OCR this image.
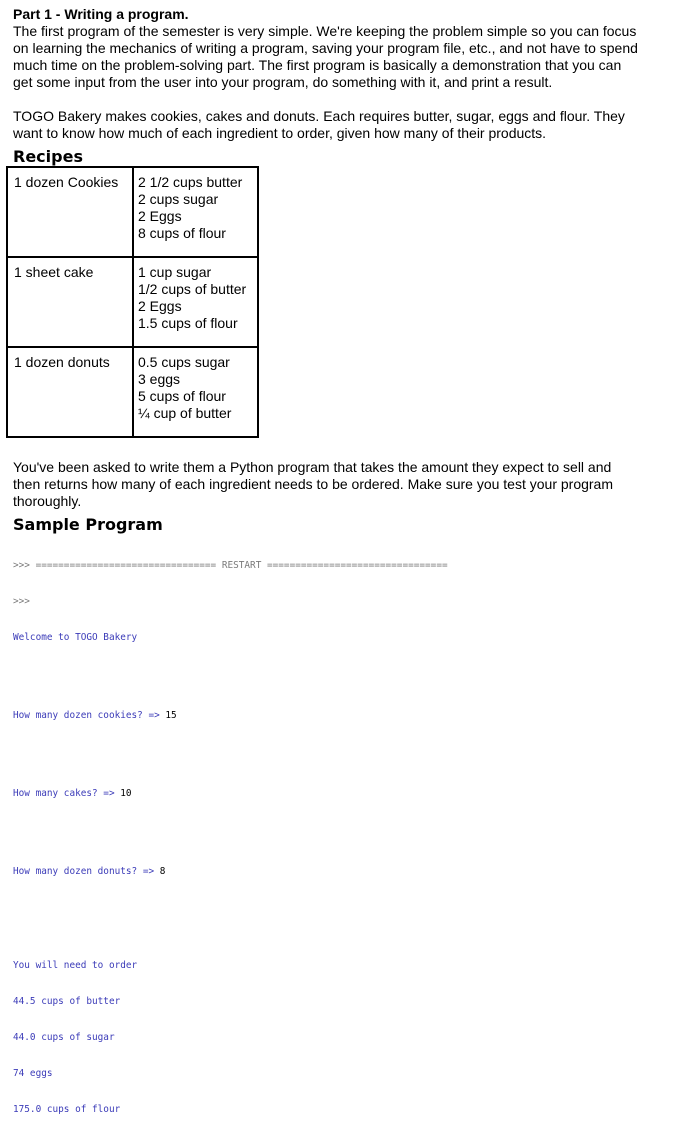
Part 1 - Writing a program.

The first program of the semester is very simple. We're keeping the problem simple so you can focus on learning the mechanics of writing a program, saving your program file, etc., and not have to spend much time on the problem-solving part. The first program is basically a demonstration that you can get some input from the user into your program, do something with it, and print a result.

TOGO Bakery makes cookies, cakes and donuts. Each requires butter, sugar, eggs and flour. They want to know how much of each ingredient to order, given how many of their products.

Recipes

1 dozen Cookies	2 1/2 cups butter
2 cups sugar
2 Eggs
8 cups of flour

1 sheet cake	1 cup sugar
1/2 cups of butter
2 Eggs
1.5 cups of flour

1 dozen donuts	0.5 cups sugar
3 eggs
5 cups of flour
¼ cup of butter

You've been asked to write them a Python program that takes the amount they expect to sell and then returns how many of each ingredient needs to be ordered. Make sure you test your program thoroughly.

Sample Program

>>> ================================ RESTART ================================

>>>

Welcome to TOGO Bakery

How many dozen cookies? => 15

How many cakes? => 10

How many dozen donuts? => 8

You will need to order

44.5 cups of butter

44.0 cups of sugar

74 eggs

175.0 cups of flour
